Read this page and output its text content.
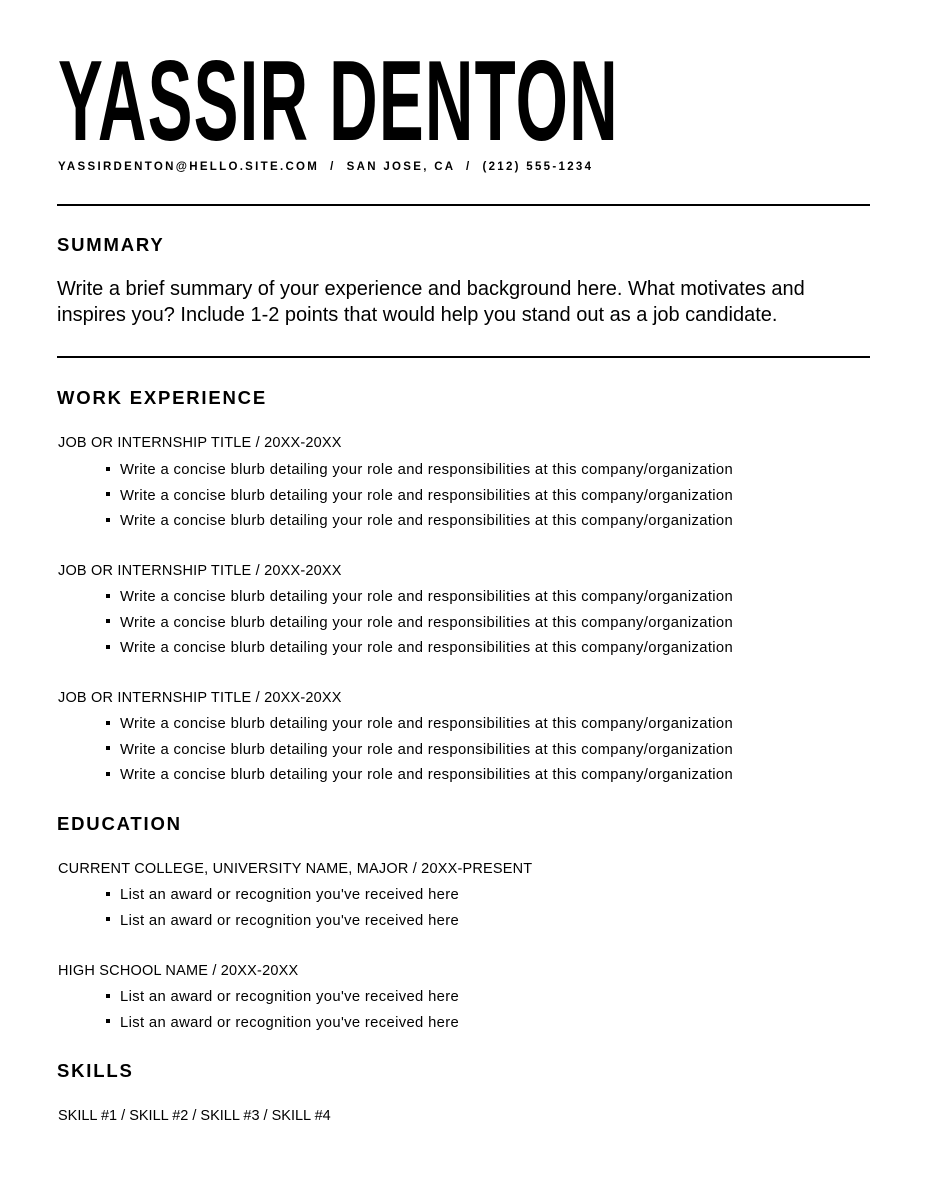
YASSIR DENTON
YASSIRDENTON@HELLO.SITE.COM  /  SAN JOSE, CA  /  (212) 555-1234
SUMMARY
Write a brief summary of your experience and background here. What motivates and inspires you? Include 1-2 points that would help you stand out as a job candidate.
WORK EXPERIENCE
JOB OR INTERNSHIP TITLE / 20XX-20XX
Write a concise blurb detailing your role and responsibilities at this company/organization
Write a concise blurb detailing your role and responsibilities at this company/organization
Write a concise blurb detailing your role and responsibilities at this company/organization
JOB OR INTERNSHIP TITLE / 20XX-20XX
Write a concise blurb detailing your role and responsibilities at this company/organization
Write a concise blurb detailing your role and responsibilities at this company/organization
Write a concise blurb detailing your role and responsibilities at this company/organization
JOB OR INTERNSHIP TITLE / 20XX-20XX
Write a concise blurb detailing your role and responsibilities at this company/organization
Write a concise blurb detailing your role and responsibilities at this company/organization
Write a concise blurb detailing your role and responsibilities at this company/organization
EDUCATION
CURRENT COLLEGE, UNIVERSITY NAME, MAJOR / 20XX-PRESENT
List an award or recognition you've received here
List an award or recognition you've received here
HIGH SCHOOL NAME / 20XX-20XX
List an award or recognition you've received here
List an award or recognition you've received here
SKILLS
SKILL #1 / SKILL #2 / SKILL #3 / SKILL #4
